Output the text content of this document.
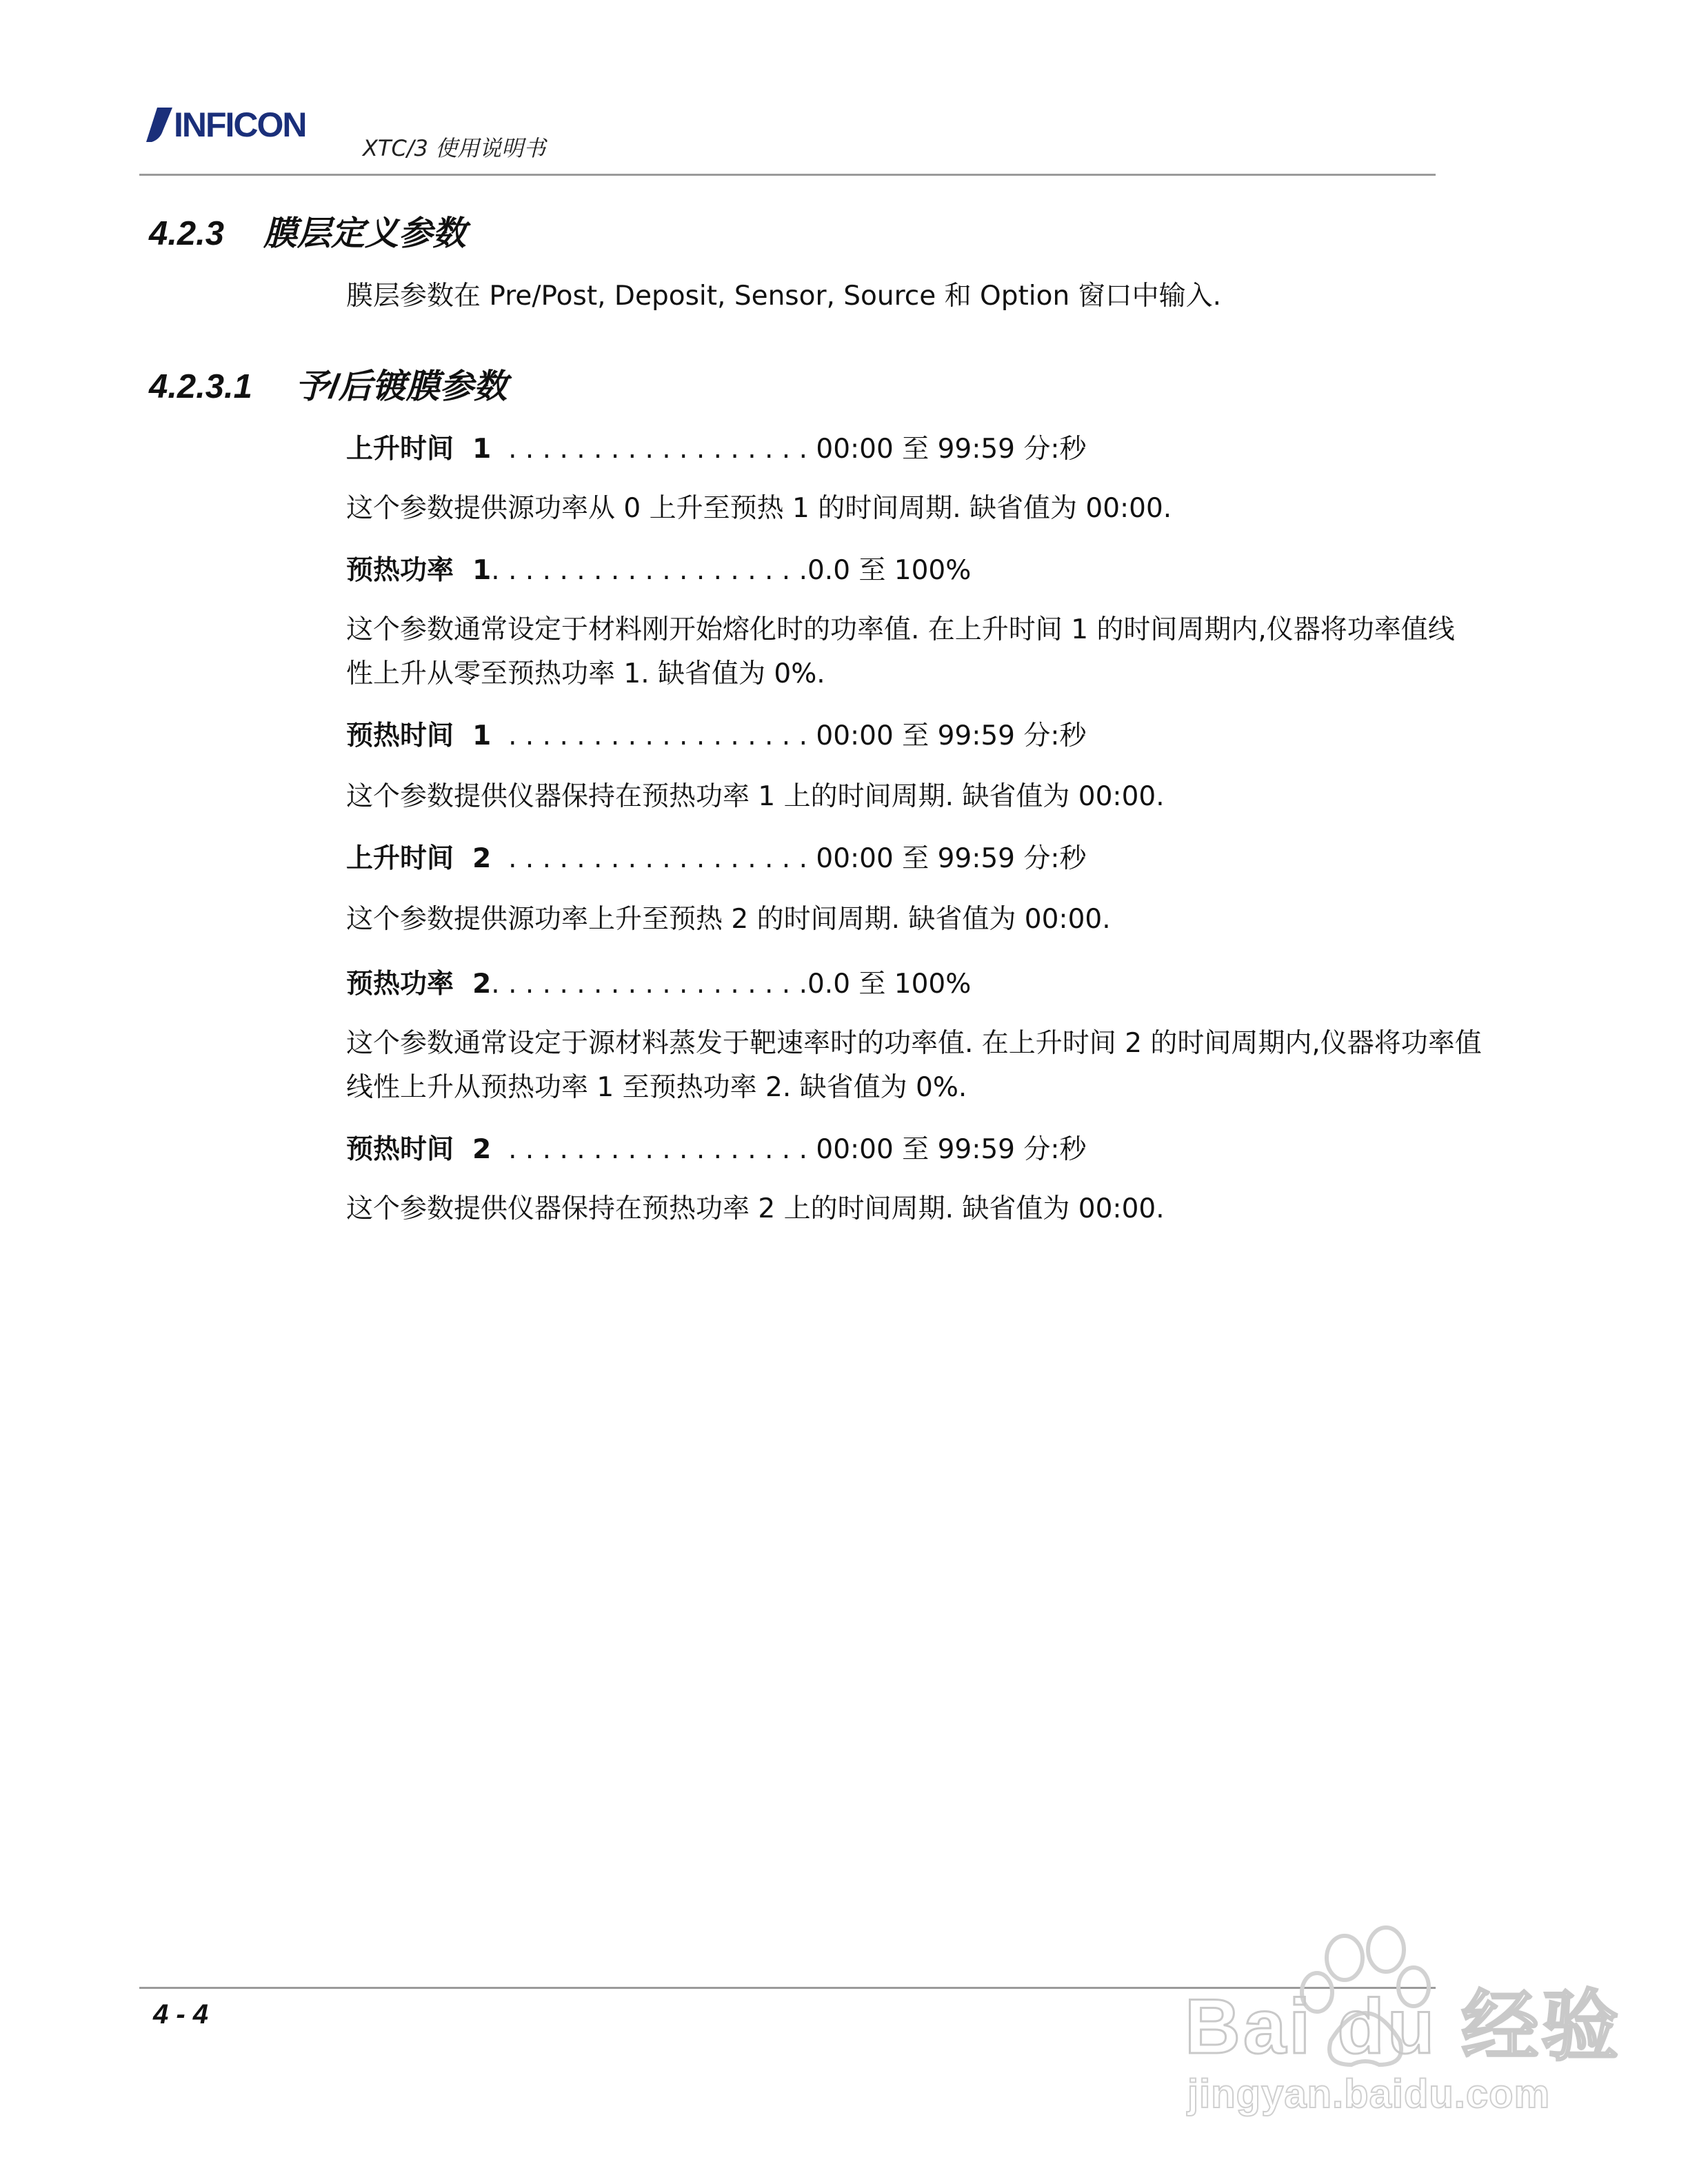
INFICON
XTC/3 使用说明书
4.2.3 膜层定义参数
膜层参数在 Pre/Post, Deposit, Sensor, Source 和 Option 窗口中输入.
4.2.3.1 予/后镀膜参数
上升时间  1  . . . . . . . . . . . . . . . . . . 00:00 至 99:59 分:秒
这个参数提供源功率从 0 上升至预热 1 的时间周期. 缺省值为 00:00.
预热功率  1. . . . . . . . . . . . . . . . . . .0.0 至 100%
这个参数通常设定于材料刚开始熔化时的功率值. 在上升时间 1 的时间周期内,仪器将功率值线性上升从零至预热功率 1. 缺省值为 0%.
预热时间  1  . . . . . . . . . . . . . . . . . . 00:00 至 99:59 分:秒
这个参数提供仪器保持在预热功率 1 上的时间周期. 缺省值为 00:00.
上升时间  2  . . . . . . . . . . . . . . . . . . 00:00 至 99:59 分:秒
这个参数提供源功率上升至预热 2 的时间周期. 缺省值为 00:00.
预热功率  2. . . . . . . . . . . . . . . . . . .0.0 至 100%
这个参数通常设定于源材料蒸发于靶速率时的功率值. 在上升时间 2 的时间周期内,仪器将功率值线性上升从预热功率 1 至预热功率 2. 缺省值为 0%.
预热时间  2  . . . . . . . . . . . . . . . . . . 00:00 至 99:59 分:秒
这个参数提供仪器保持在预热功率 2 上的时间周期. 缺省值为 00:00.
4 - 4	Bai du 经验
jingyan.baidu.com
